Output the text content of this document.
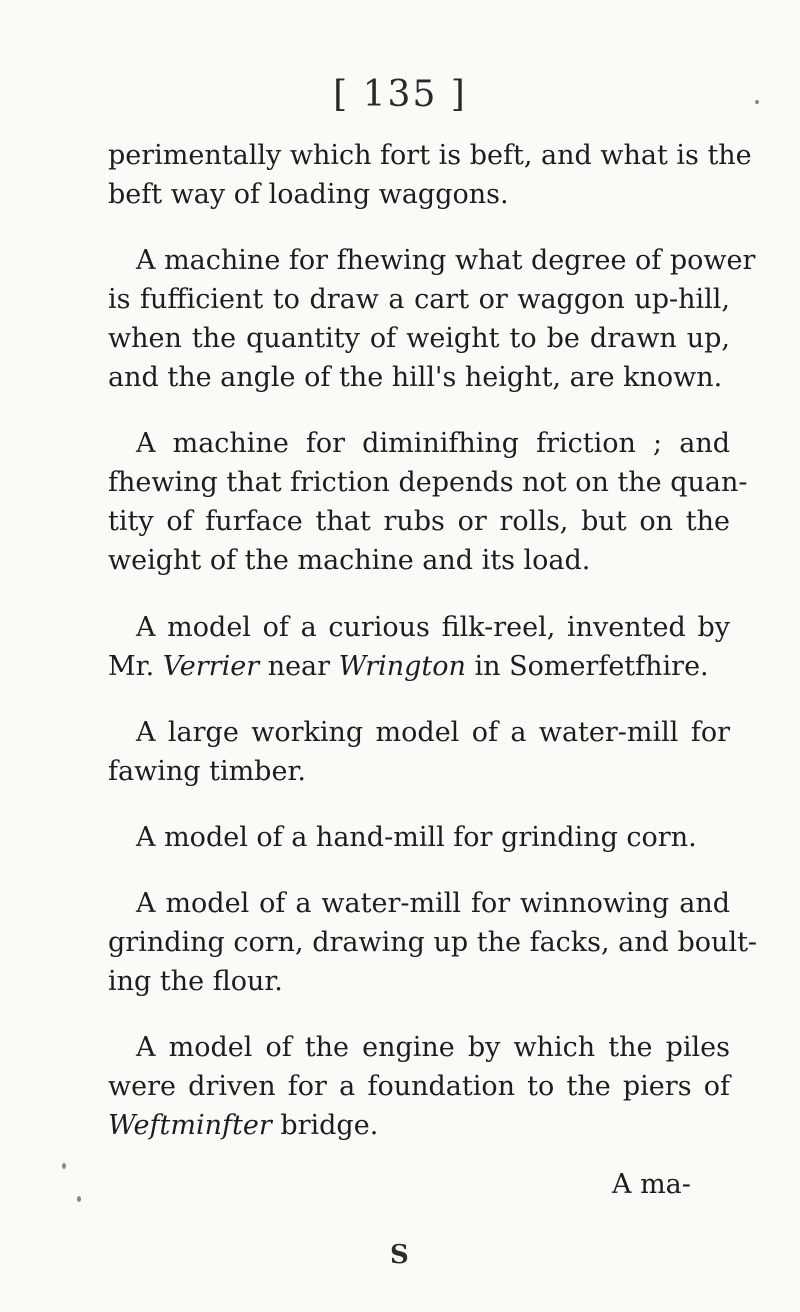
[ 135 ]
perimentally which fort is beft, and what is the
beft way of loading waggons.
A machine for fhewing what degree of power
is fufficient to draw a cart or waggon up-hill,
when the quantity of weight to be drawn up,
and the angle of the hill's height, are known.
A machine for diminifhing friction ; and
fhewing that friction depends not on the quan-
tity of furface that rubs or rolls, but on the
weight of the machine and its load.
A model of a curious filk-reel, invented by
Mr. Verrier near Wrington in Somerfetfhire.
A large working model of a water-mill for
fawing timber.
A model of a hand-mill for grinding corn.
A model of a water-mill for winnowing and
grinding corn, drawing up the facks, and boult-
ing the flour.
A model of the engine by which the piles
were driven for a foundation to the piers of
Weftminfter bridge.
A ma-
S
